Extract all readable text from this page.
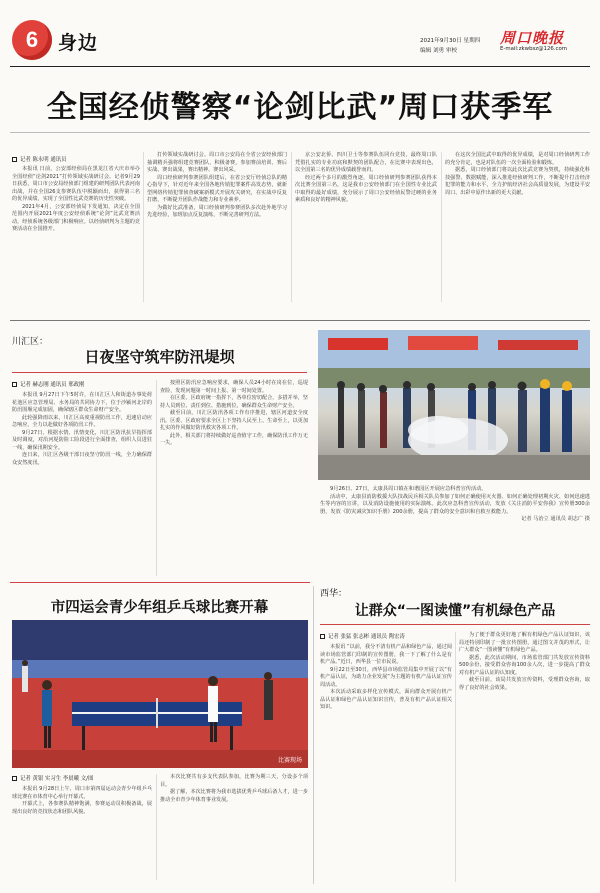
6 身边	2021年9月30日 星期四
编辑 刘勇 审校
周口晚报
E-mail:zkwbsz@126.com
全国经侦警察“论剑比武”周口获季军
记者 陈永明 通讯员

本报讯 日前，公安部经侦局在黑龙江省大庆市举办全国经侦“论剑2021”打传领域实战研讨会。记者9月29日获悉，周口市公安局经侦部门组建的研判团队代表河南出战，并在全国26支参赛队伍中脱颖而出，获得第三名的优异成绩，实现了全国性比武竞赛的历史性突破。

2021年4月，公安部经侦局下发通知，决定在全国范围内开展2021年度公安经侦系统“论剑”比武竞赛活动，经侦系统各级部门积极响应。以经侦研判为主题的竞赛活动在全国推开。

打传领域实战研讨会。周口市公安局在全省公安经侦部门抽调精兵强将组建竞赛团队，积极备赛，参加赛前培训、赛后实战、赛出战果，赛出精神、赛出风采。

周口经侦研判参赛团队组建后，在省公安厅经侦总队的精心指导下，针对近年来全国各地传销犯罪案件高发态势，就新型网络传销犯罪侦查破案新模式开展攻关研究，在实战中反复打磨，不断提升团队作战能力和专业素养。

为做好比武准备，周口经侦研判参赛团队多次赴外地学习先进经验，加班加点反复演练，不断完善研判方法。

京公安北侨、四川卫士等参赛队伍同台竞技，最终周口队凭借扎实的专业功底和默契的团队配合，在比赛中表现出色，以全国第三名的优异成绩载誉而归。

经过两个多月的激烈角逐，周口经侦研判参赛团队获得本次比赛全国第三名，这是我市公安经侦部门在全国性专业比武中取得的最好成绩，充分展示了周口公安经侦民警过硬的业务素质和良好的精神风貌。

在这次全国比武中取得的优异成绩，是对周口经侦研判工作的充分肯定，也是对队伍的一次全面检验和锻炼。

据悉，周口经侦部门将以此次比武竞赛为契机，持续强化科技强警、数据赋能，深入推进经侦研判工作，不断提升打击经济犯罪的能力和水平，全力护航经济社会高质量发展，为建设平安周口、出彩中原作出新的更大贡献。

川汇区：
日夜坚守筑牢防汛堤坝
记者 赫志刚 通讯员 邢政刚

本报讯 9月27日下午5时许，在川汇区人和街道办事处荷花池区应急管理局、水务局的共同协力下，位于沙颍河北岸的防汛围堰完成加固，确保辖区群众生命财产安全。

此轮强降雨以来，川汇区高度重视防汛工作，迅速启动应急响应，全力以赴做好各项防汛工作。

9月27日，根据水情、汛情变化，川汇区防汛抗旱指挥部及时调度，对沿河堤防险工险段进行全面排查，组织人员进驻一线，确保汛期安全。

连日来，川汇区各级干部日夜坚守防汛一线，全力确保群众安然度汛。

按照区防汛应急响应要求，确保人员24小时在岗在位，巡堤查险，发现问题第一时间上报、第一时间处置。

在区委、区政府统一指挥下，各单位密切配合，多措并举，坚持人员到位、责任到位、措施到位，确保群众生命财产安全。

截至目前，川汇区防汛各项工作有序推进，辖区河道安全度汛。区委、区政府要求全区上下坚持人民至上、生命至上，以更加扎实的作风做好防汛救灾各项工作。

此外，相关部门将持续做好巡查值守工作，确保防汛工作万无一失。

9月26日、27日，太康县周口镇在和谐园区开展应急科普宣传活动。

活动中，太康县消防救援大队技战民兵相关队员参加了如何正确使用灭火器、如何正确处理初期火灾、如何迅速逃生等内容的宣讲，以及消防设施使用的实际演练。此次应急科普宣传活动，发放《关注消防平安你我》宣传册300余册，发放《防灾减灾知识手册》200余册，提高了群众的安全意识和自救互救能力。

记者 马治立 通讯员 胡志广 摄

市四运会青少年组乒乓球比赛开幕
比赛现场
记者 黄银 实习生 李晨曦 文/图

本报讯 9月28日上午，周口市第四届运动会青少年组乒乓球比赛在市体育中心举行开幕式。

开幕式上，各参赛队精神饱满，参赛运动员积极备战，展现出良好的竞技状态和团队风貌。

本次比赛共有多支代表队参加，比赛为期三天，分设多个项目。

据了解，本次比赛将为我市选拔优秀乒乓球后备人才，进一步推动全市青少年体育事业发展。

西华：
让群众“一图读懂”有机绿色产品
记者 张猛 张志彬 通讯员 陶宏涛

本报讯 “以前，我分不清有机产品和绿色产品，通过阅读市场监管部门印制的宣传图册，我一下了解了什么是有机产品。”近日，西华县一位市民说。

9月22日至30日，西华县市场监管局集中开展了以“有机产品认证，为助力企业发展”为主题的有机产品认证宣传周活动。

本次活动采取多样化宣传模式，面向群众开展有机产品认证和绿色产品认证知识宣传，普及有机产品认证相关知识。

为了便于群众更好地了解有机绿色产品认证知识，该局还特别印制了一批宣传图册，通过图文并茂的形式，让广大群众“一图读懂”有机绿色产品。

据悉，此次活动期间，市场监管部门共发放宣传资料500余份，接受群众咨询100余人次，进一步提高了群众对有机产品认证的认知度。

截至目前，该局共发放宣传资料，受理群众咨询，取得了良好的社会效果。
